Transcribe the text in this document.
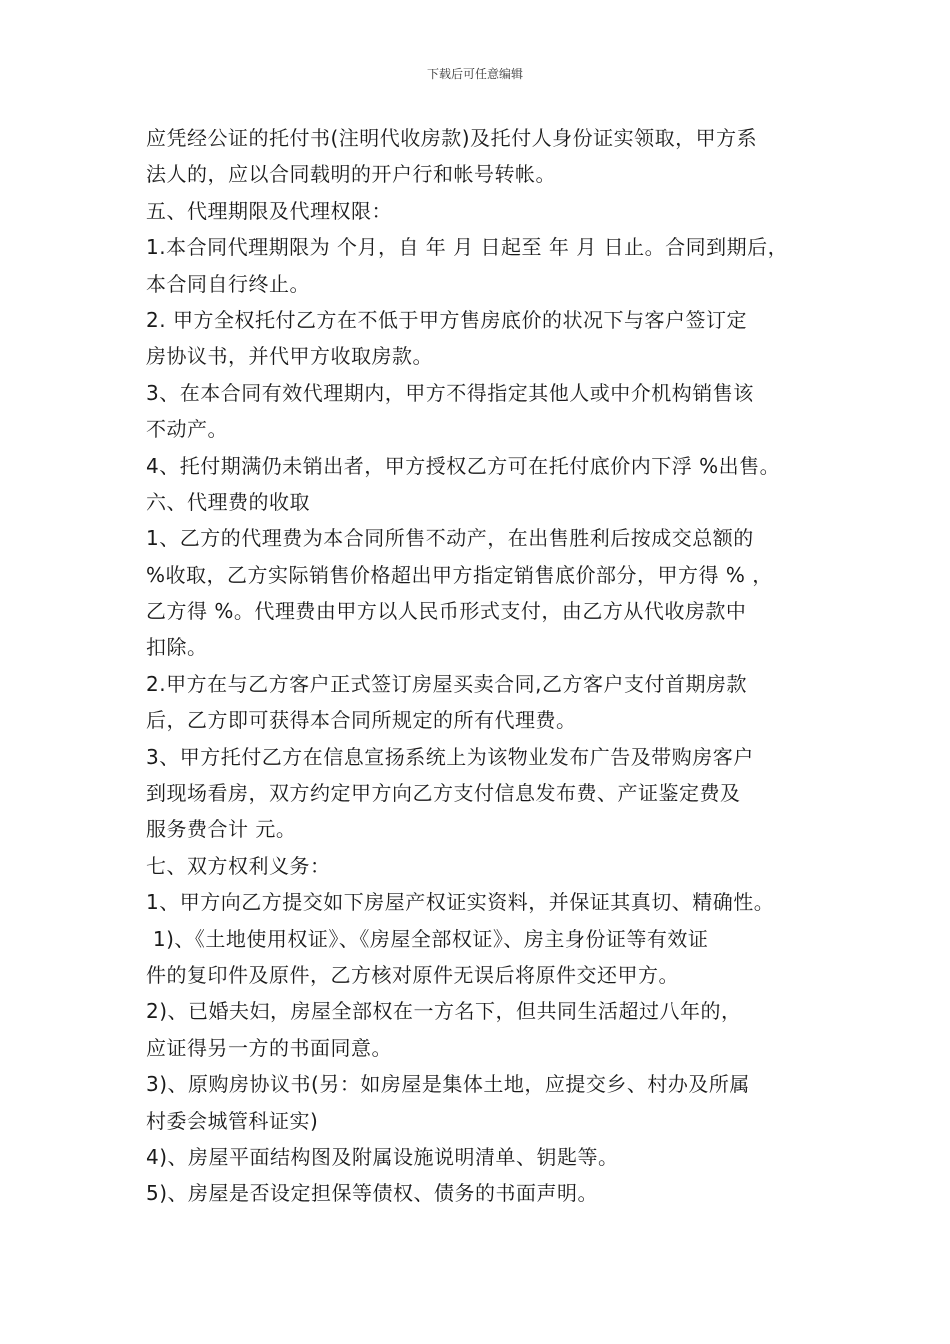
下载后可任意编辑
应凭经公证的托付书(注明代收房款)及托付人身份证实领取，甲方系
法人的，应以合同载明的开户行和帐号转帐。
五、代理期限及代理权限：
1.本合同代理期限为 个月，自 年 月 日起至 年 月 日止。合同到期后，
本合同自行终止。
2. 甲方全权托付乙方在不低于甲方售房底价的状况下与客户签订定
房协议书，并代甲方收取房款。
3、在本合同有效代理期内，甲方不得指定其他人或中介机构销售该
不动产。
4、托付期满仍未销出者，甲方授权乙方可在托付底价内下浮 %出售。
六、代理费的收取
1、乙方的代理费为本合同所售不动产，在出售胜利后按成交总额的
%收取，乙方实际销售价格超出甲方指定销售底价部分，甲方得 % ，
乙方得 %。代理费由甲方以人民币形式支付，由乙方从代收房款中
扣除。
2.甲方在与乙方客户正式签订房屋买卖合同,乙方客户支付首期房款
后，乙方即可获得本合同所规定的所有代理费。
3、甲方托付乙方在信息宣扬系统上为该物业发布广告及带购房客户
到现场看房，双方约定甲方向乙方支付信息发布费、产证鉴定费及
服务费合计 元。
七、双方权利义务：
1、甲方向乙方提交如下房屋产权证实资料，并保证其真切、精确性。
1)、《土地使用权证》、《房屋全部权证》、房主身份证等有效证
件的复印件及原件，乙方核对原件无误后将原件交还甲方。
2)、已婚夫妇，房屋全部权在一方名下，但共同生活超过八年的，
应证得另一方的书面同意。
3)、原购房协议书(另：如房屋是集体土地，应提交乡、村办及所属
村委会城管科证实)
4)、房屋平面结构图及附属设施说明清单、钥匙等。
5)、房屋是否设定担保等债权、债务的书面声明。
